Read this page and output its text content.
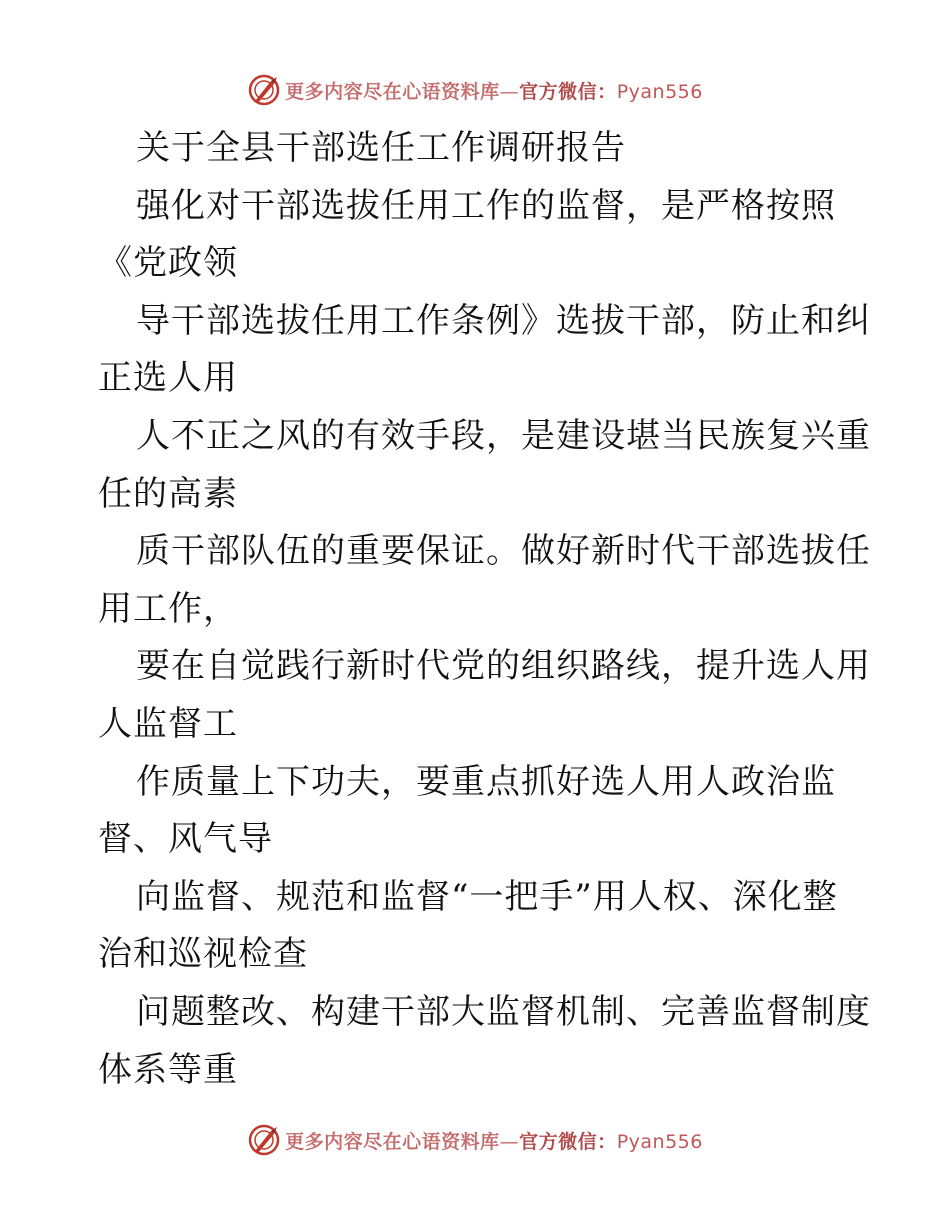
更多内容尽在心语资料库—官方微信：Pyan556
关于全县干部选任工作调研报告
强化对干部选拔任用工作的监督，是严格按照
《党政领
导干部选拔任用工作条例》选拔干部，防止和纠
正选人用
人不正之风的有效手段，是建设堪当民族复兴重
任的高素
质干部队伍的重要保证。做好新时代干部选拔任
用工作，
要在自觉践行新时代党的组织路线，提升选人用
人监督工
作质量上下功夫，要重点抓好选人用人政治监
督、风气导
向监督、规范和监督“一把手”用人权、深化整
治和巡视检查
问题整改、构建干部大监督机制、完善监督制度
体系等重
更多内容尽在心语资料库—官方微信：Pyan556
